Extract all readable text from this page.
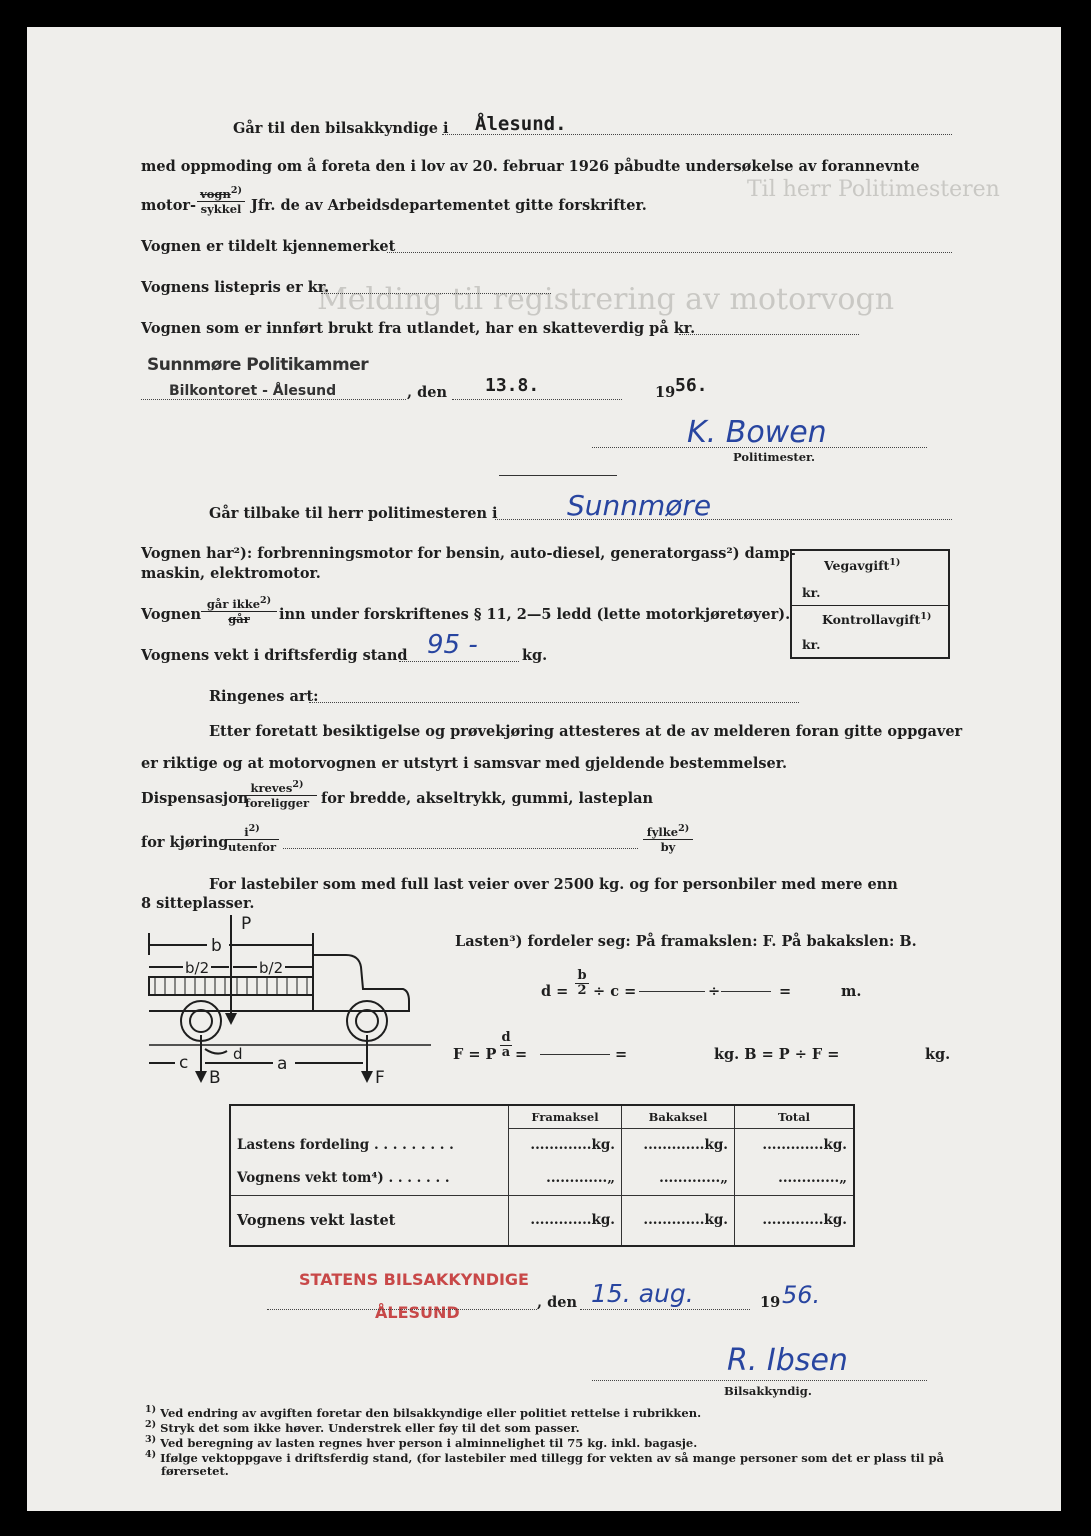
Til herr Politimesteren
Melding til registrering av motorvogn
Går til den bilsakkyndige i Ålesund.
med oppmoding om å foreta den i lov av 20. februar 1926 påbudte undersøkelse av forannevnte
motor-
vogn$^{2)}$
sykkel Jfr. de av Arbeidsdepartementet gitte forskrifter.
Vognen er tildelt kjennemerket
Vognens listepris er kr.
Vognen som er innført brukt fra utlandet, har en skatteverdig på kr.
Sunnmøre Politikammer
Bilkontoret - Ålesund	, den 13.8.	19 56.
K. Bowen
Politimester.
Går tilbake til herr politimesteren i Sunnmøre
Vognen har²): forbrenningsmotor for bensin, auto-diesel, generatorgass²) damp-
maskin, elektromotor.
Vognen
går ikke$^{2)}$
går	inn under forskriftenes § 11, 2—5 ledd (lette motorkjøretøyer).
Vognens vekt i driftsferdig stand 95 -	kg.
Ringenes art:
Vegavgift$^{1)}$
kr.
Kontrollavgift$^{1)}$
kr.
Etter foretatt besiktigelse og prøvekjøring attesteres at de av melderen foran gitte oppgaver
er riktige og at motorvognen er utstyrt i samsvar med gjeldende bestemmelser.
Dispensasjon
kreves$^{2)}$
foreligger for bredde, akseltrykk, gummi, lasteplan
for kjøring
$i^{2)}$
utenfor
fylke$^{2)}$
by
For lastebiler som med full last veier over 2500 kg. og for personbiler med mere enn
8 sitteplasser.
P
b
b/2	b/2
c	d a
B	F
Lasten³) fordeler seg: På framakslen: F. På bakakslen: B.
$d = \frac{b}{2} \div c$ =	÷	=	m.
F = P $\frac{d}{a}$ =	=	kg. B = P ÷ F =	kg.
	Framaksel	Bakaksel	Total
Lastens fordeling . . . . . . . . .	.............kg.	.............kg.	.............kg.
Vognens vekt tom⁴) . . . . . . .	.............„	.............„	.............„
Vognens vekt lastet	.............kg.	.............kg.	.............kg.
STATENS BILSAKKYNDIGE
ÅLESUND
, den 15. aug.	19 56.
R. Ibsen
Bilsakkyndig.
$^{1)}$ Ved endring av avgiften foretar den bilsakkyndige eller politiet rettelse i rubrikken.
$^{2)}$ Stryk det som ikke høver. Understrek eller føy til det som passer.
$^{3)}$ Ved beregning av lasten regnes hver person i alminnelighet til 75 kg. inkl. bagasje.
$^{4)}$ Ifølge vektoppgave i driftsferdig stand, (for lastebiler med tillegg for vekten av så mange personer som det er plass til på
førersetet.
